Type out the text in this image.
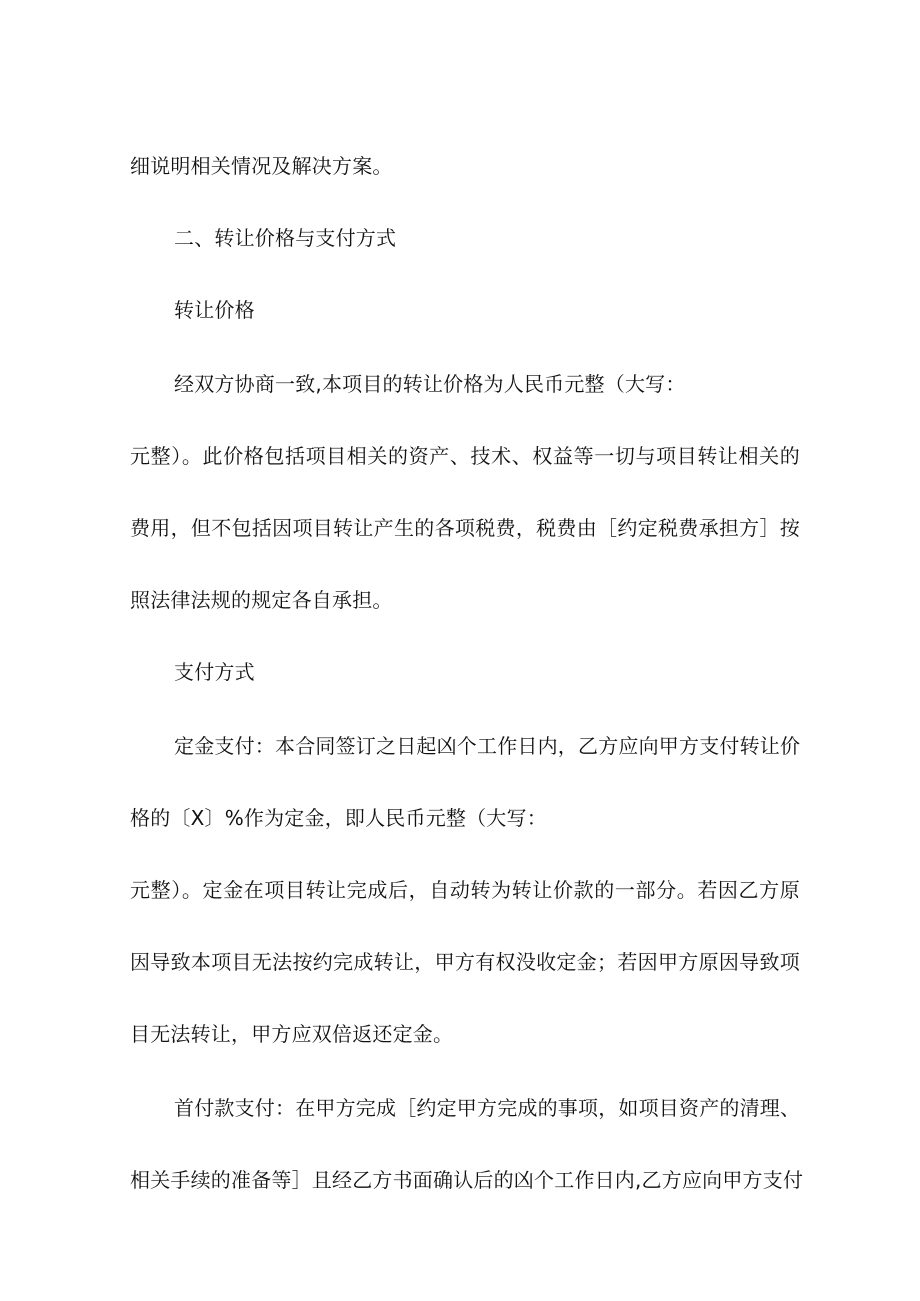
细说明相关情况及解决方案。
二、转让价格与支付方式
转让价格
经双方协商一致,本项目的转让价格为人民币元整（大写：
元整）。此价格包括项目相关的资产、技术、权益等一切与项目转让相关的
费用，但不包括因项目转让产生的各项税费，税费由［约定税费承担方］按
照法律法规的规定各自承担。
支付方式
定金支付：本合同签订之日起凶个工作日内，乙方应向甲方支付转让价
格的〔X〕%作为定金，即人民币元整（大写：
元整）。定金在项目转让完成后，自动转为转让价款的一部分。若因乙方原
因导致本项目无法按约完成转让，甲方有权没收定金；若因甲方原因导致项
目无法转让，甲方应双倍返还定金。
首付款支付：在甲方完成［约定甲方完成的事项，如项目资产的清理、
相关手续的准备等］且经乙方书面确认后的凶个工作日内,乙方应向甲方支付
